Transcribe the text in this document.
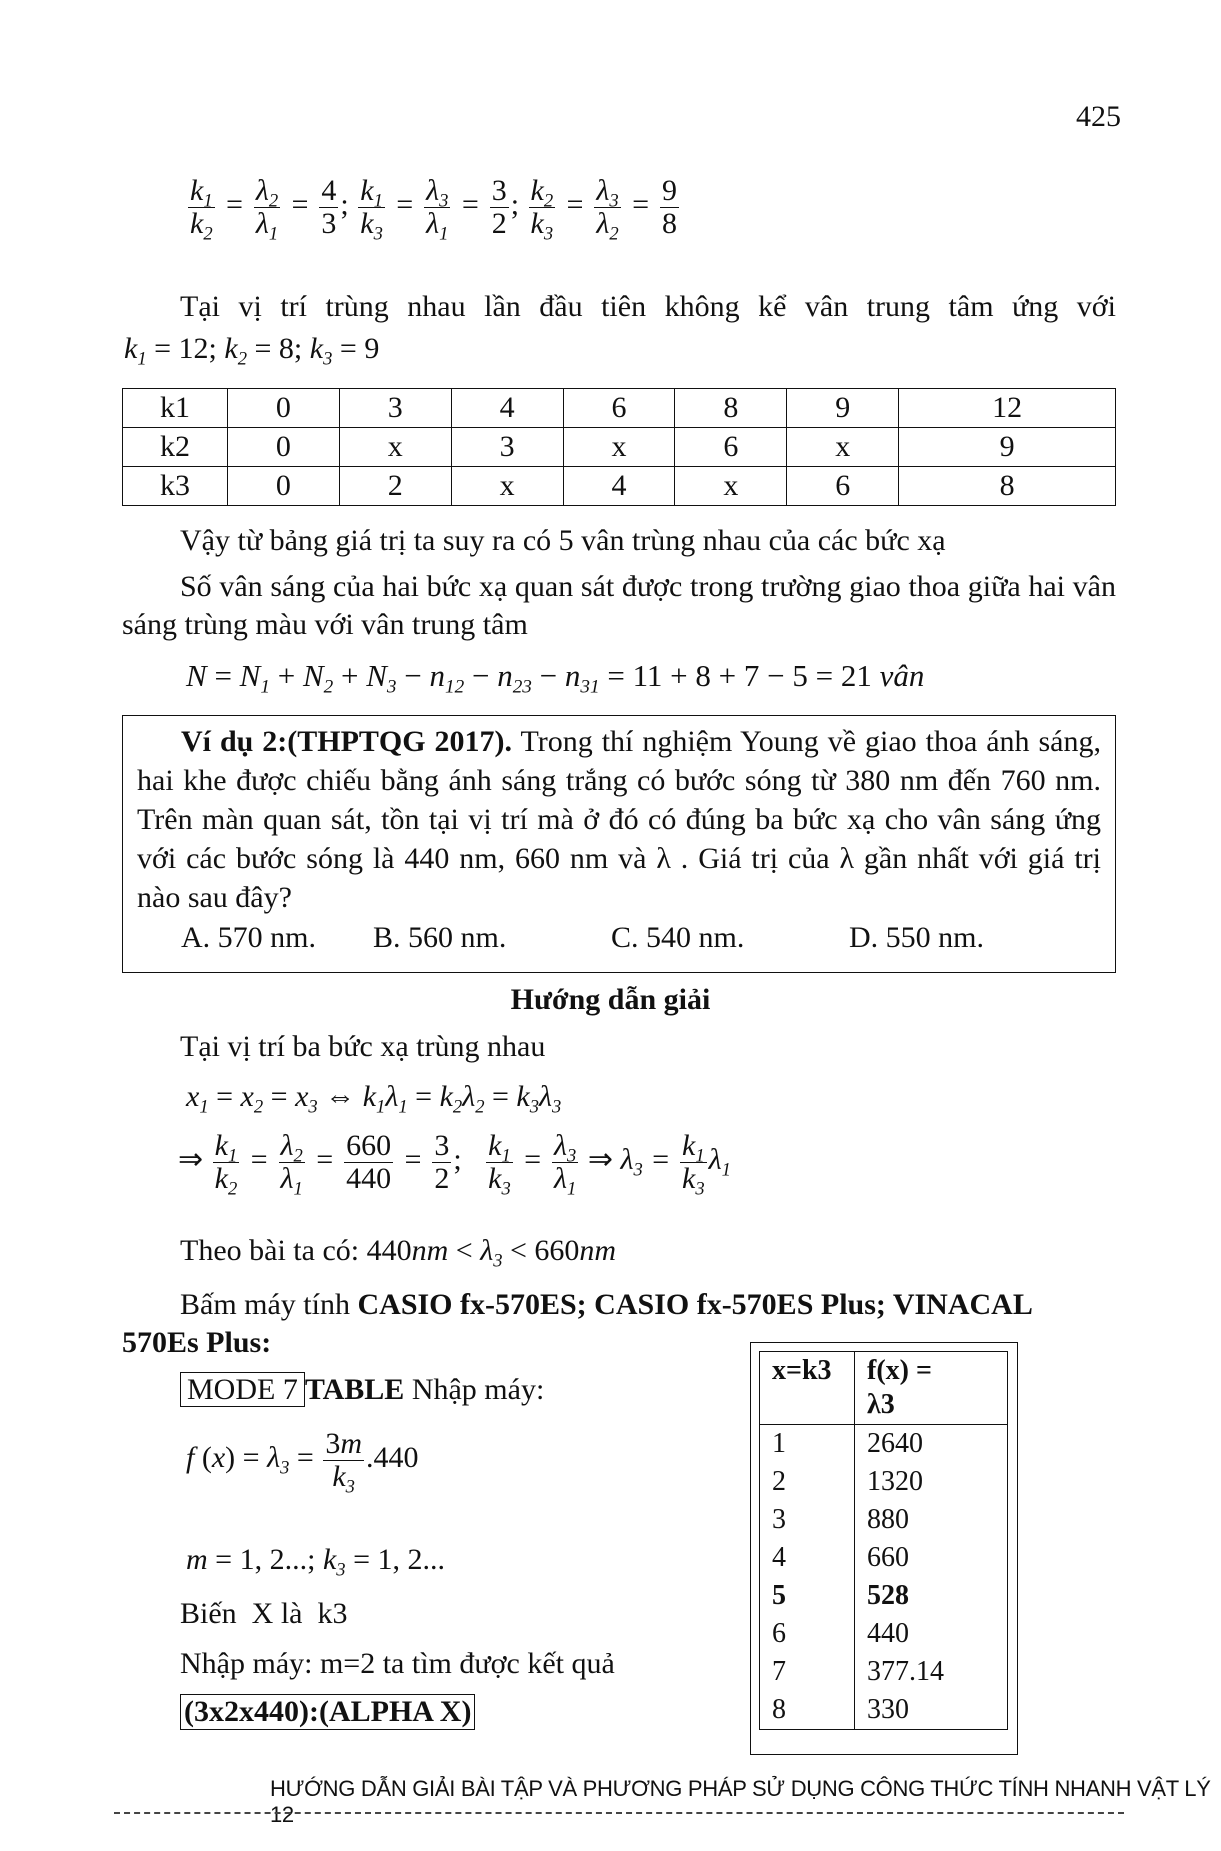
425
$\frac{k_1}{k_2} = \frac{\lambda_2}{\lambda_1} = \frac{4}{3}$ ; $\frac{k_1}{k_3} = \frac{\lambda_3}{\lambda_1} = \frac{3}{2}$ ; $\frac{k_2}{k_3} = \frac{\lambda_3}{\lambda_2} = \frac{9}{8}$
Tại vị trí trùng nhau lần đầu tiên không kể vân trung tâm ứng với
$k_1 = 12$; $k_2 = 8$; $k_3 = 9$
k1	0	3	4	6	8	9	12
k2	0	x	3	x	6	x	9
k3	0	2	x	4	x	6	8
Vậy từ bảng giá trị ta suy ra có 5 vân trùng nhau của các bức xạ
Số vân sáng của hai bức xạ quan sát được trong trường giao thoa giữa hai vân sáng trùng màu với vân trung tâm
$N = N_1 + N_2 + N_3 - n_{12} - n_{23} - n_{31} = 11 + 8 + 7 - 5 = 21$ vân
Ví dụ 2:(THPTQG 2017). Trong thí nghiệm Young về giao thoa ánh sáng, hai khe được chiếu bằng ánh sáng trắng có bước sóng từ 380 nm đến 760 nm. Trên màn quan sát, tồn tại vị trí mà ở đó có đúng ba bức xạ cho vân sáng ứng với các bước sóng là 440 nm, 660 nm và λ . Giá trị của λ gần nhất với giá trị nào sau đây?
A. 570 nm.	B. 560 nm.	C. 540 nm.	D. 550 nm.
Hướng dẫn giải
Tại vị trí ba bức xạ trùng nhau
$x_1 = x_2 = x_3$ ⇔ $k_1\lambda_1 = k_2\lambda_2 = k_3\lambda_3$
⇒ $\frac{k_1}{k_2} = \frac{\lambda_2}{\lambda_1} = \frac{660}{440} = \frac{3}{2}$ ; $\frac{k_1}{k_3} = \frac{\lambda_3}{\lambda_1}$ ⇒ $\lambda_3 = \frac{k_1}{k_3} \lambda_1$
Theo bài ta có: $440nm < \lambda_3 < 660nm$
Bấm máy tính CASIO fx-570ES; CASIO fx-570ES Plus; VINACAL
570Es Plus:
MODE 7 TABLE Nhập máy:
f $(x) = \lambda_3 = \frac{3m}{k_3} .440$
m = 1, 2...; $k_3 = 1$, 2...
Biến  X là  k3
Nhập máy: m=2 ta tìm được kết quả
(3x2x440):(ALPHA X)
x=k3	f(x) =
λ3

1	2640
2	1320
3	880
4	660
5	528
6	440
7	377.14
8	330
HƯỚNG DẪN GIẢI BÀI TẬP VÀ PHƯƠNG PHÁP SỬ DỤNG CÔNG THỨC TÍNH NHANH VẬT LÝ 12
